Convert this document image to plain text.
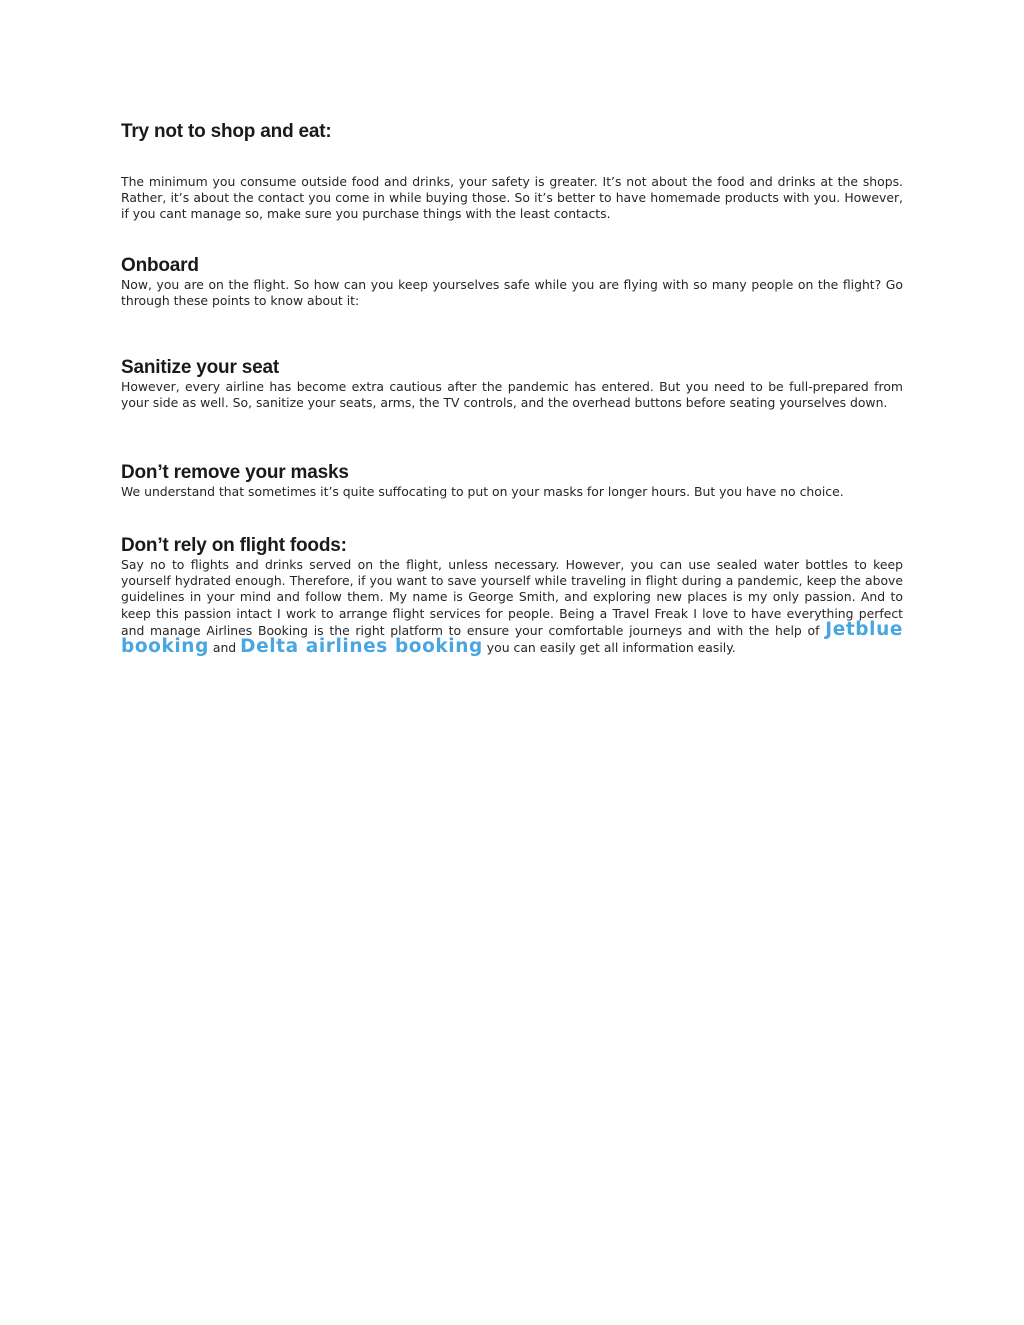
Try not to shop and eat:

The minimum you consume outside food and drinks, your safety is greater. It’s not about the food and drinks at the shops. Rather, it’s about the contact you come in while buying those. So it’s better to have homemade products with you. However, if you cant manage so, make sure you purchase things with the least contacts.

Onboard

Now, you are on the flight. So how can you keep yourselves safe while you are flying with so many people on the flight? Go through these points to know about it:

Sanitize your seat

However, every airline has become extra cautious after the pandemic has entered. But you need to be full-prepared from your side as well. So, sanitize your seats, arms, the TV controls, and the overhead buttons before seating yourselves down.

Don’t remove your masks

We understand that sometimes it’s quite suffocating to put on your masks for longer hours. But you have no choice.

Don’t rely on flight foods:

Say no to flights and drinks served on the flight, unless necessary. However, you can use sealed water bottles to keep yourself hydrated enough. Therefore, if you want to save yourself while traveling in flight during a pandemic, keep the above guidelines in your mind and follow them. My name is George Smith, and exploring new places is my only passion. And to keep this passion intact I work to arrange flight services for people. Being a Travel Freak I love to have everything perfect and manage Airlines Booking is the right platform to ensure your comfortable journeys and with the help of Jetblue booking and Delta airlines booking you can easily get all information easily.
